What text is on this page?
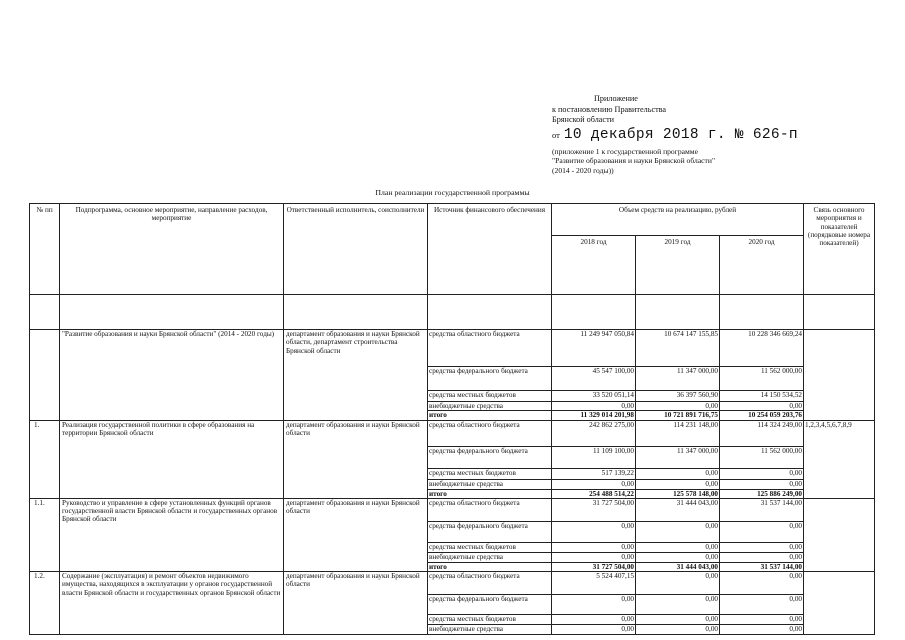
Приложение
к постановлению Правительства
Брянской области
от 10 декабря 2018 г. № 626-п
(приложение 1 к государственной программе
"Развитие образования и науки Брянской области"
(2014 - 2020 годы))
План реализации государственной программы
№ пп	Подпрограмма, основное мероприятие, направление расходов, мероприятие	Ответственный исполнитель, соисполнители	Источник финансового обеспечения	Объем средств на реализацию, рублей			Связь основного мероприятия и показателей (порядковые номера показателей)
				2018 год	2019 год	2020 год	

	"Развитие образования и науки Брянской области" (2014 - 2020 годы)	департамент образования и науки Брянской области, департамент строительства Брянской области	средства областного бюджета	11 249 947 050,84	10 674 147 155,85	10 228 346 669,24	
			средства федерального бюджета	45 547 100,00	11 347 000,00	11 562 000,00	
			средства местных бюджетов	33 520 051,14	36 397 560,90	14 150 534,52	
			внебюджетные средства	0,00	0,00	0,00	
			итого	11 329 014 201,98	10 721 891 716,75	10 254 059 203,76	
1.	Реализация государственной политики в сфере образования на территории Брянской области	департамент образования и науки Брянской области	средства областного бюджета	242 862 275,00	114 231 148,00	114 324 249,00	1,2,3,4,5,6,7,8,9
			средства федерального бюджета	11 109 100,00	11 347 000,00	11 562 000,00	
			средства местных бюджетов	517 139,22	0,00	0,00	
			внебюджетные средства	0,00	0,00	0,00	
			итого	254 488 514,22	125 578 148,00	125 886 249,00	
1.1.	Руководство и управление в сфере установленных функций органов государственной власти Брянской области и государственных органов Брянской области	департамент образования и науки Брянской области	средства областного бюджета	31 727 504,00	31 444 043,00	31 537 144,00	
			средства федерального бюджета	0,00	0,00	0,00	
			средства местных бюджетов	0,00	0,00	0,00	
			внебюджетные средства	0,00	0,00	0,00	
			итого	31 727 504,00	31 444 043,00	31 537 144,00	
1.2.	Содержание (эксплуатация) и ремонт объектов недвижимого имущества, находящихся в эксплуатации у органов государственной власти Брянской области и государственных органов Брянской области	департамент образования и науки Брянской области	средства областного бюджета	5 524 407,15	0,00	0,00	
			средства федерального бюджета	0,00	0,00	0,00	
			средства местных бюджетов	0,00	0,00	0,00	
			внебюджетные средства	0,00	0,00	0,00	
